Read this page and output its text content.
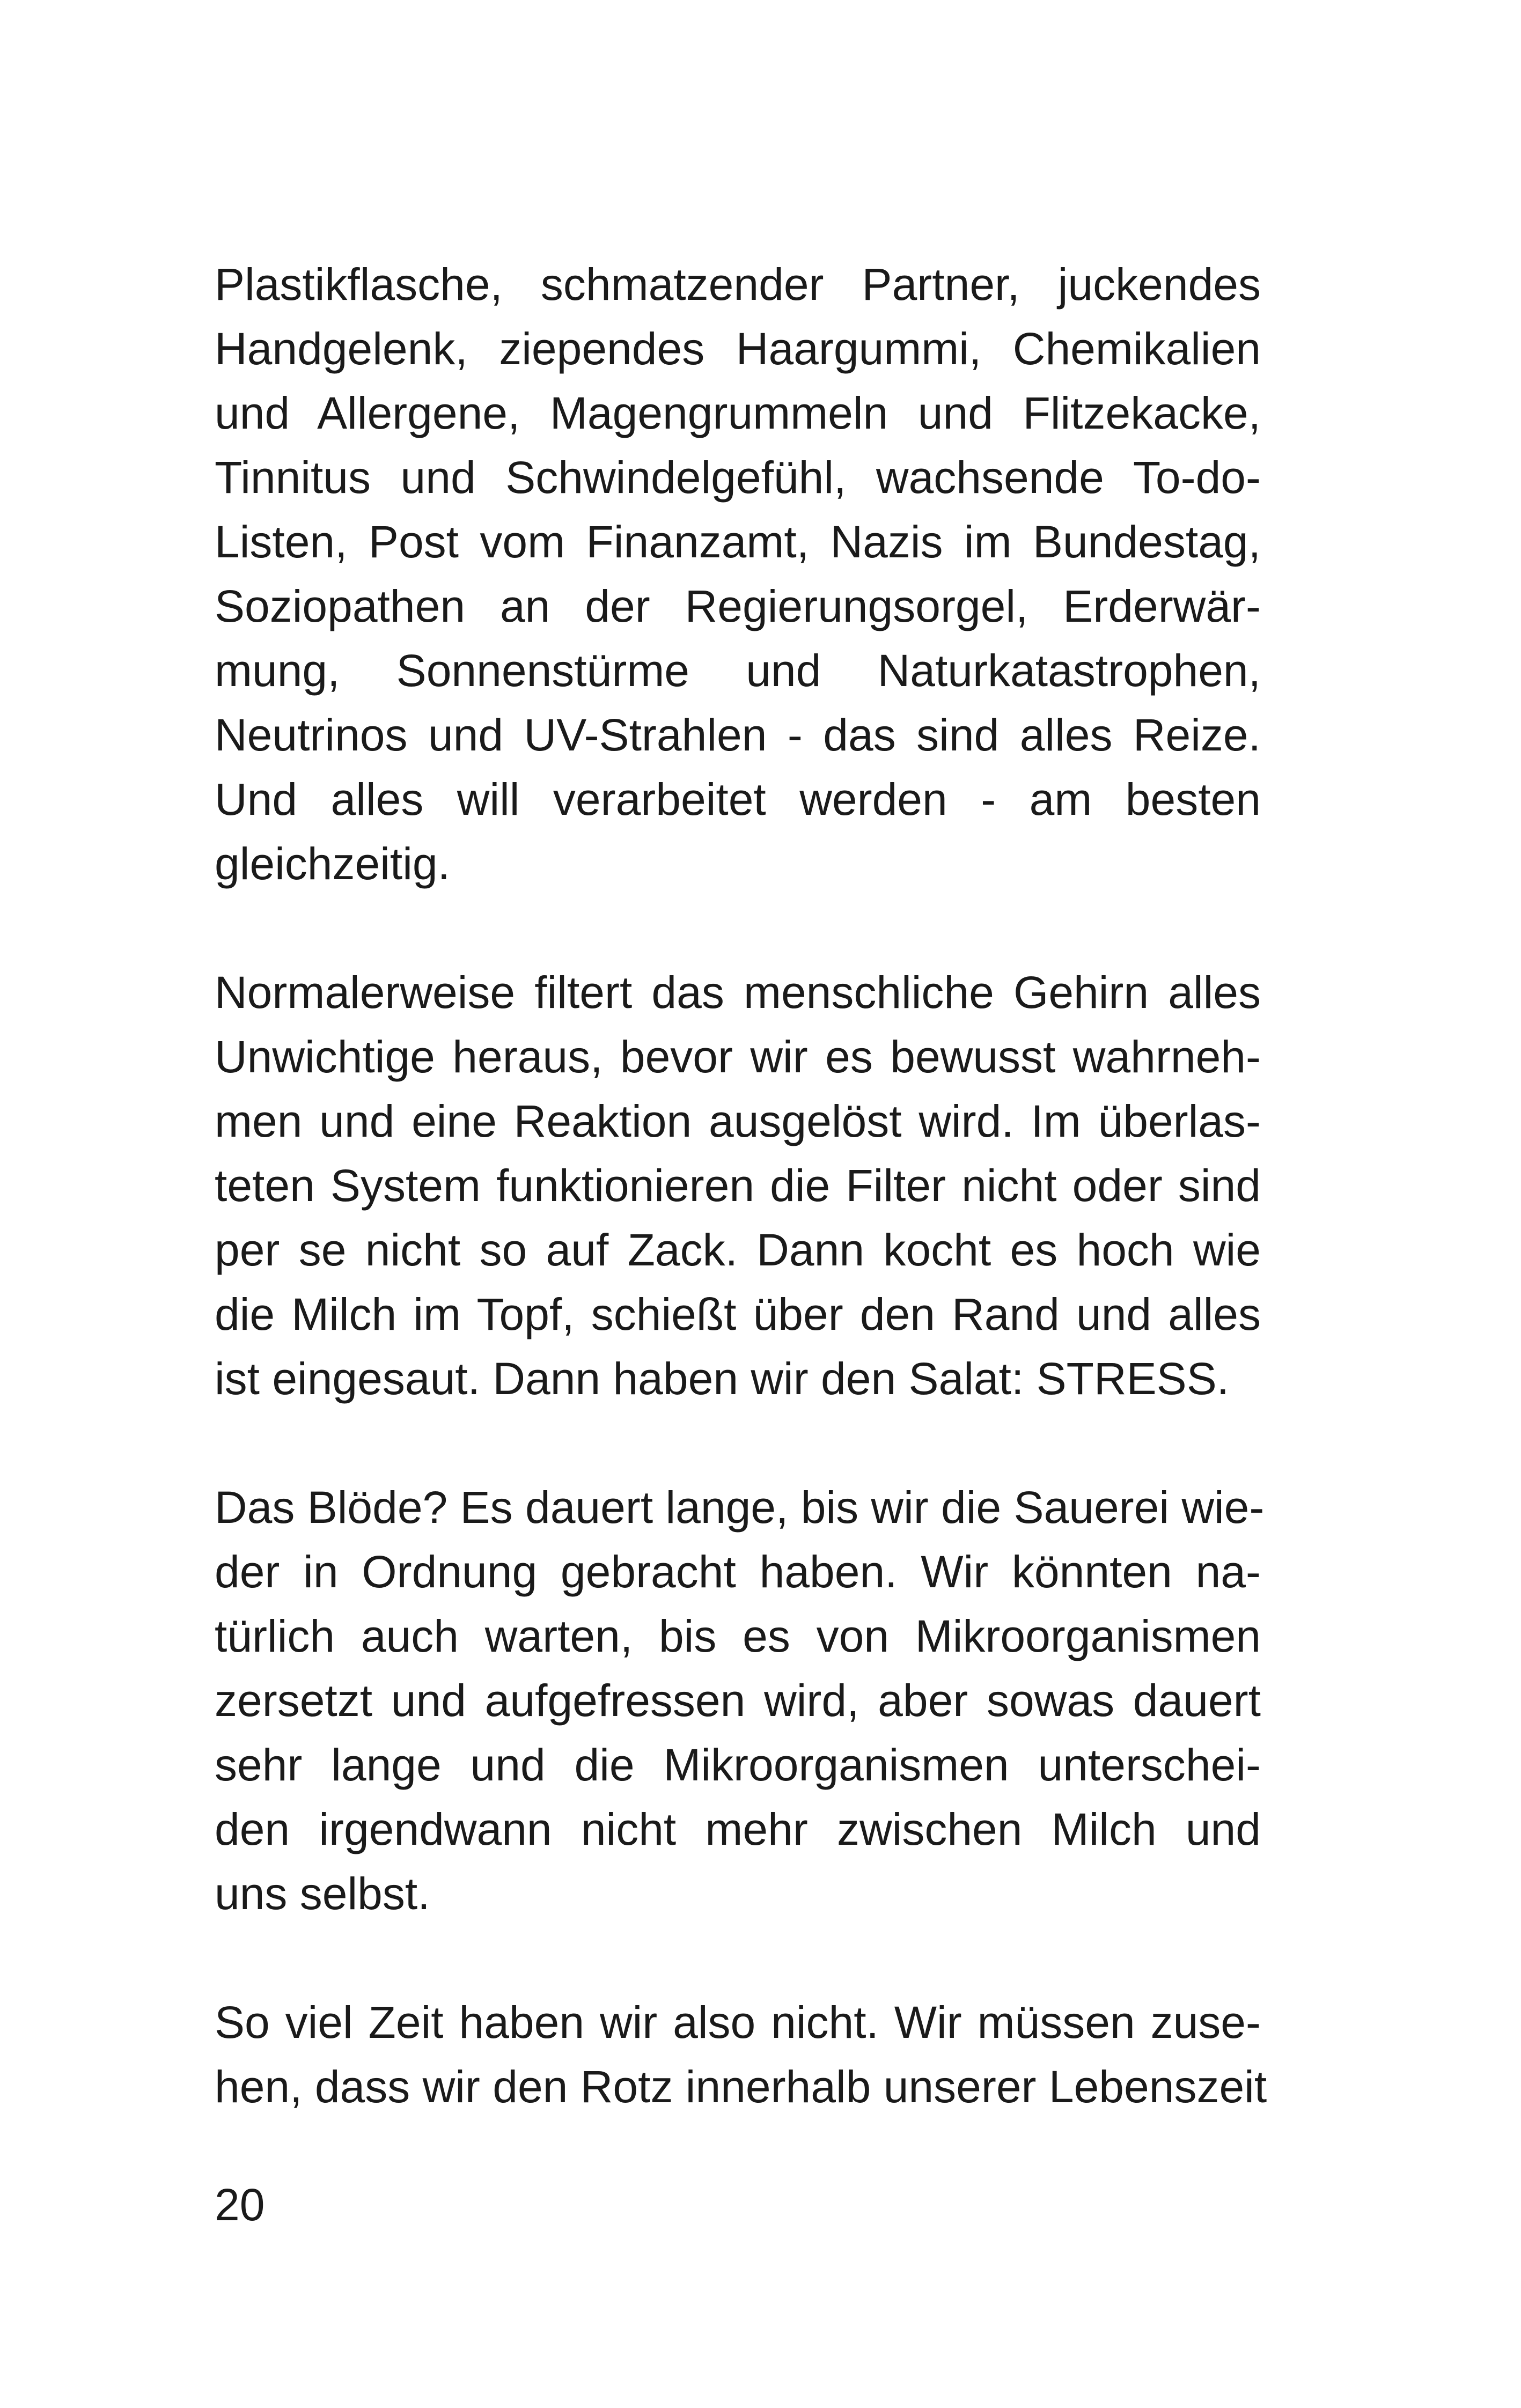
Plastikflasche, schmatzender Partner, juckendes
Handgelenk, ziependes Haargummi, Chemikalien
und Allergene, Magengrummeln und Flitzekacke,
Tinnitus und Schwindelgefühl, wachsende To-do-
Listen, Post vom Finanzamt, Nazis im Bundestag,
Soziopathen an der Regierungsorgel, Erderwär-
mung, Sonnenstürme und Naturkatastrophen,
Neutrinos und UV-Strahlen - das sind alles Reize.
Und alles will verarbeitet werden - am besten
gleichzeitig.

Normalerweise filtert das menschliche Gehirn alles
Unwichtige heraus, bevor wir es bewusst wahrneh-
men und eine Reaktion ausgelöst wird. Im überlas-
teten System funktionieren die Filter nicht oder sind
per se nicht so auf Zack. Dann kocht es hoch wie
die Milch im Topf, schießt über den Rand und alles
ist eingesaut. Dann haben wir den Salat: STRESS.

Das Blöde? Es dauert lange, bis wir die Sauerei wie-
der in Ordnung gebracht haben. Wir könnten na-
türlich auch warten, bis es von Mikroorganismen
zersetzt und aufgefressen wird, aber sowas dauert
sehr lange und die Mikroorganismen unterschei-
den irgendwann nicht mehr zwischen Milch und
uns selbst.

So viel Zeit haben wir also nicht. Wir müssen zuse-
hen, dass wir den Rotz innerhalb unserer Lebenszeit

20
